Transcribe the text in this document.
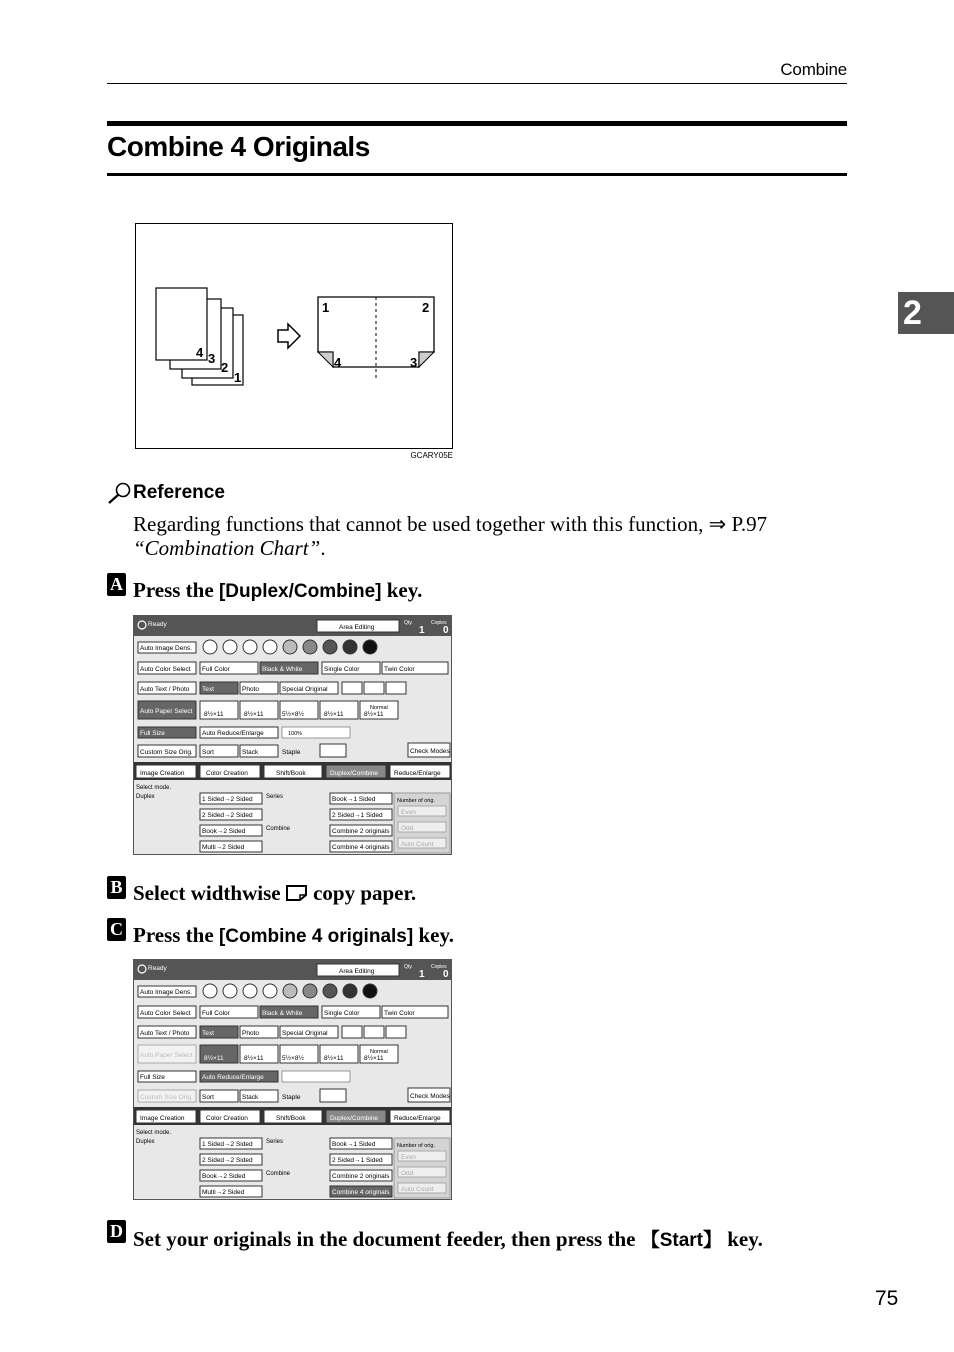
Combine
Combine 4 Originals
2
4 3
2
1
1	2
4	3
GCARY05E
Reference
Regarding functions that cannot be used together with this function, ⇒ P.97
“Combination Chart”.
A Press the [Duplex/Combine] key.
Ready	Area Editing
Qty.	Copies
1 0
Auto Image Dens.
Auto Color Select Full Color	Black & White	Single Color	Twin Color
Auto Text / Photo Text	Photo	Special Original
Auto Paper Select 8½×11	8½×11	5½×8½	8½×11
Normal
8½×11
Full Size	Auto Reduce/Enlarge	100%
Custom Size Orig. Sort	Stack	Staple	Check Modes
Image Creation	Color Creation	Shift/Book	Duplex/Combine Reduce/Enlarge
Select mode.
Duplex	1 Sided→2 Sided
2 Sided→2 Sided
Book→2 Sided
Multi→2 Sided
Series
Combine
Book→1 Sided
2 Sided→1 Sided
Combine 2 originals
Combine 4 originals
Number of orig.
Even
Odd
Auto Count
B Select widthwise  copy paper.
C Press the [Combine 4 originals] key.
Ready	Area Editing
Qty.	Copies
1 0
Auto Image Dens.
Auto Color Select Full Color	Black & White	Single Color	Twin Color
Auto Text / Photo Text	Photo	Special Original
Auto Paper Select 8½×11	8½×11	5½×8½	8½×11
Normal
8½×11
Full Size	Auto Reduce/Enlarge
Custom Size Orig. Sort	Stack	Staple	Check Modes
Image Creation	Color Creation	Shift/Book	Duplex/Combine Reduce/Enlarge
Select mode.
Duplex	1 Sided→2 Sided
2 Sided→2 Sided
Book→2 Sided
Multi→2 Sided
Series
Combine
Book→1 Sided
2 Sided→1 Sided
Combine 2 originals
Combine 4 originals
Number of orig.
Even
Odd
Auto Count
D Set your originals in the document feeder, then press the 【Start】 key.
75
